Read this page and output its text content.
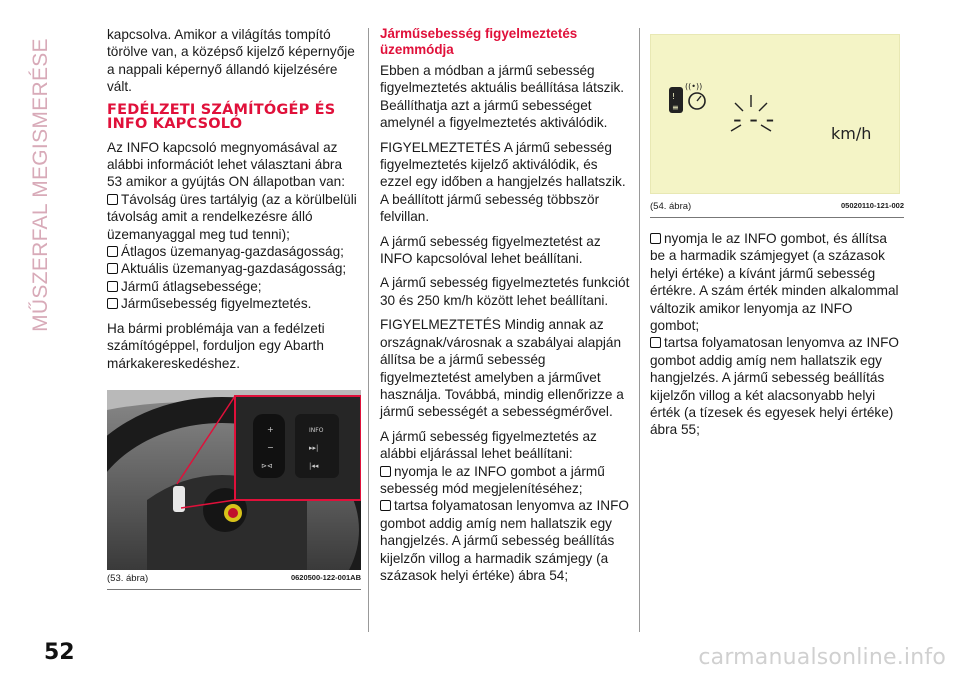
MŰSZERFAL MEGISMERÉSE

kapcsolva. Amikor a világítás tompító törölve van, a középső kijelző képernyője a nappali képernyő állandó kijelzésére vált.

FEDÉLZETI SZÁMÍTÓGÉP ÉS INFO KAPCSOLÓ

Az INFO kapcsoló megnyomásával az alábbi információt lehet választani ábra 53 amikor a gyújtás ON állapotban van:

Távolság üres tartályig (az a körülbelüli távolság amit a rendelkezésre álló üzemanyaggal meg tud tenni);
Átlagos üzemanyag-gazdaságosság;
Aktuális üzemanyag-gazdaságosság;
Jármű átlagsebessége;
Járműsebesség figyelmeztetés.

Ha bármi problémája van a fedélzeti számítógéppel, forduljon egy Abarth márkakereskedéshez.

+
−
⊳⊲
INFO
▸▸|
|◂◂
(53. ábra)	0620500-122-001AB
Járműsebesség figyelmeztetés üzemmódja

Ebben a módban a jármű sebesség figyelmeztetés aktuális beállítása látszik. Beállíthatja azt a jármű sebességet amelynél a figyelmeztetés aktiválódik.

FIGYELMEZTETÉS A jármű sebesség figyelmeztetés kijelző aktiválódik, és ezzel egy időben a hangjelzés hallatszik. A beállított jármű sebesség többször felvillan.

A jármű sebesség figyelmeztetést az INFO kapcsolóval lehet beállítani.

A jármű sebesség figyelmeztetés funkciót 30 és 250 km/h között lehet beállítani.

FIGYELMEZTETÉS Mindig annak az országnak/városnak a szabályai alapján állítsa be a jármű sebesség figyelmeztetést amelyben a járművet használja. Továbbá, mindig ellenőrizze a jármű sebességét a sebességmérővel.

A jármű sebesség figyelmeztetés az alábbi eljárással lehet beállítani:

nyomja le az INFO gombot a jármű sebesség mód megjelenítéséhez;
tartsa folyamatosan lenyomva az INFO gombot addig amíg nem hallatszik egy hangjelzés. A jármű sebesség beállítás kijelzőn villog a harmadik számjegy (a százasok helyi értéke) ábra 54;
!
≡
((•))
- - -
km/h
(54. ábra)	05020110-121-002
nyomja le az INFO gombot, és állítsa be a harmadik számjegyet (a százasok helyi értéke) a kívánt jármű sebesség értékre. A szám érték minden alkalommal változik amikor lenyomja az INFO gombot;
tartsa folyamatosan lenyomva az INFO gombot addig amíg nem hallatszik egy hangjelzés. A jármű sebesség beállítás kijelzőn villog a két alacsonyabb helyi érték (a tízesek és egyesek helyi értéke) ábra 55;
52	carmanualsonline.info
